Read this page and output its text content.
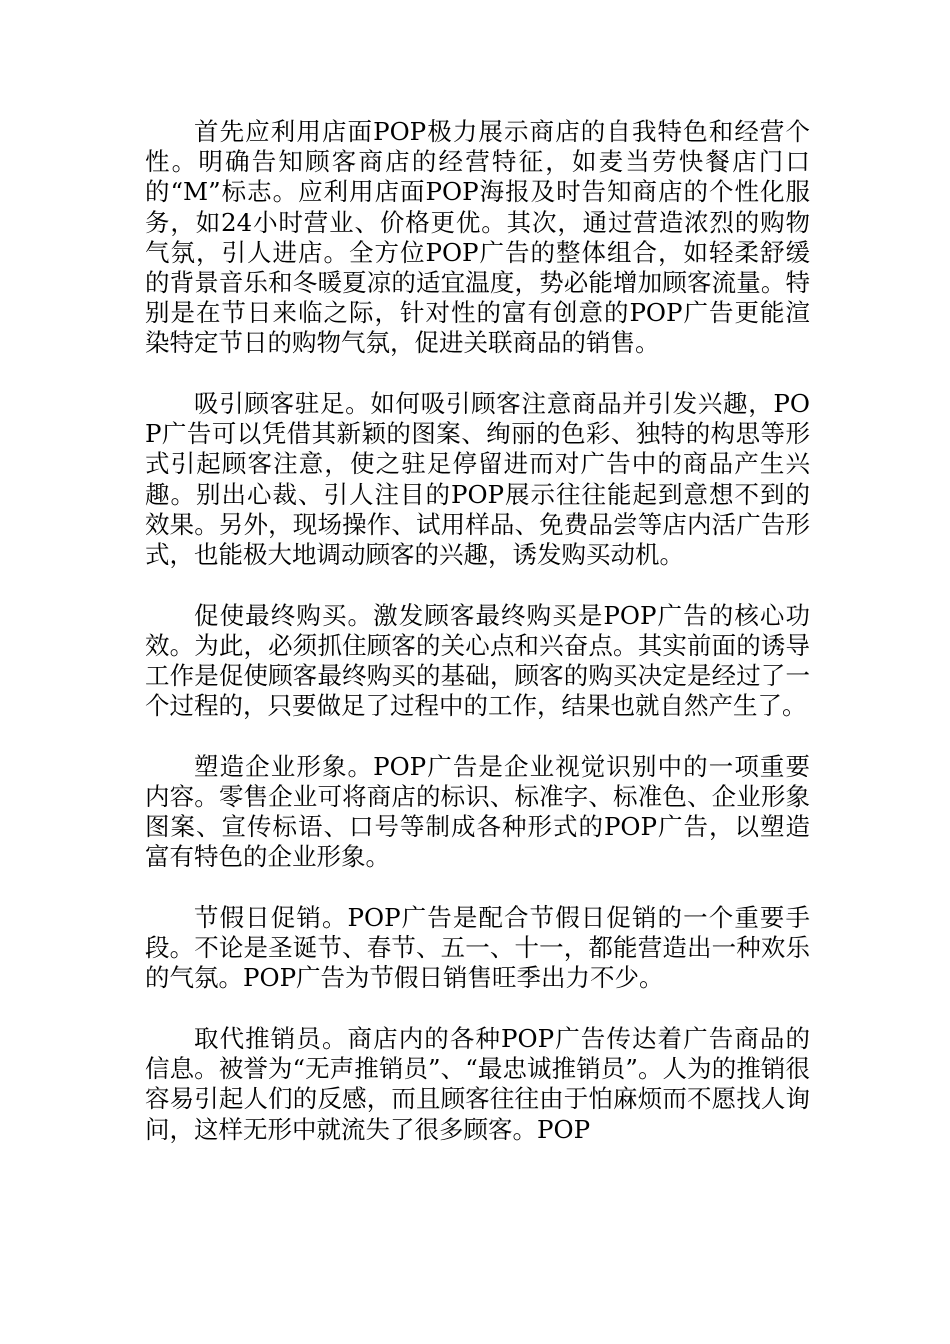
首先应利用店面POP极力展示商店的自我特色和经营个性。明确告知顾客商店的经营特征，如麦当劳快餐店门口的“M”标志。应利用店面POP海报及时告知商店的个性化服务，如24小时营业、价格更优。其次，通过营造浓烈的购物气氛，引人进店。全方位POP广告的整体组合，如轻柔舒缓的背景音乐和冬暖夏凉的适宜温度，势必能增加顾客流量。特别是在节日来临之际，针对性的富有创意的POP广告更能渲染特定节日的购物气氛，促进关联商品的销售。

吸引顾客驻足。如何吸引顾客注意商品并引发兴趣，POP广告可以凭借其新颖的图案、绚丽的色彩、独特的构思等形式引起顾客注意，使之驻足停留进而对广告中的商品产生兴趣。别出心裁、引人注目的POP展示往往能起到意想不到的效果。另外，现场操作、试用样品、免费品尝等店内活广告形式，也能极大地调动顾客的兴趣，诱发购买动机。

促使最终购买。激发顾客最终购买是POP广告的核心功效。为此，必须抓住顾客的关心点和兴奋点。其实前面的诱导工作是促使顾客最终购买的基础，顾客的购买决定是经过了一个过程的，只要做足了过程中的工作，结果也就自然产生了。

塑造企业形象。POP广告是企业视觉识别中的一项重要内容。零售企业可将商店的标识、标准字、标准色、企业形象图案、宣传标语、口号等制成各种形式的POP广告，以塑造富有特色的企业形象。

节假日促销。POP广告是配合节假日促销的一个重要手段。不论是圣诞节、春节、五一、十一，都能营造出一种欢乐的气氛。POP广告为节假日销售旺季出力不少。

取代推销员。商店内的各种POP广告传达着广告商品的信息。被誉为“无声推销员”、“最忠诚推销员”。人为的推销很容易引起人们的反感，而且顾客往往由于怕麻烦而不愿找人询问，这样无形中就流失了很多顾客。POP
